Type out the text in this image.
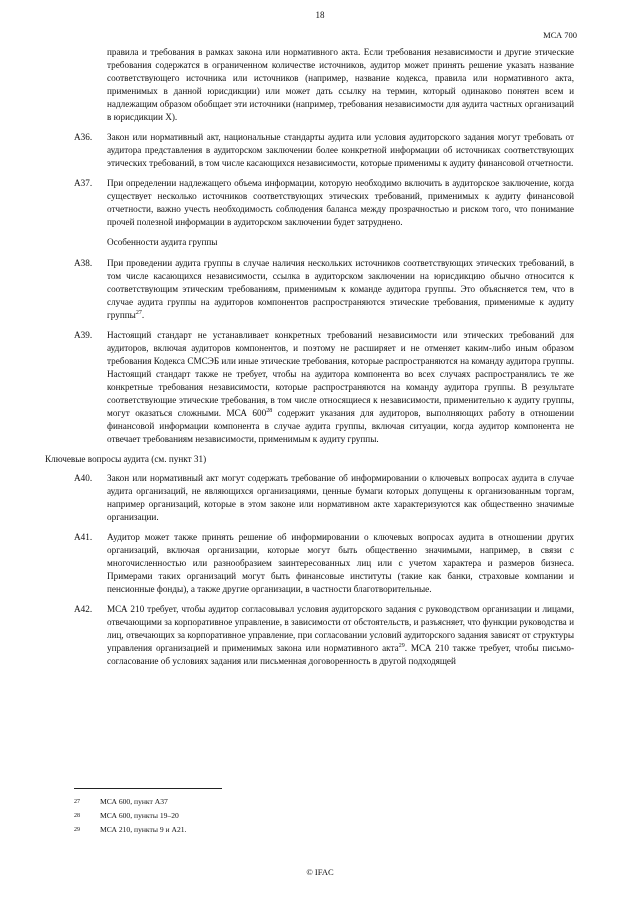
18
МСА 700
правила и требования в рамках закона или нормативного акта. Если требования независимости и другие этические требования содержатся в ограниченном количестве источников, аудитор может принять решение указать название соответствующего источника или источников (например, название кодекса, правила или нормативного акта, применимых в данной юрисдикции) или может дать ссылку на термин, который одинаково понятен всем и надлежащим образом обобщает эти источники (например, требования независимости для аудита частных организаций в юрисдикции Х).
A36.	Закон или нормативный акт, национальные стандарты аудита или условия аудиторского задания могут требовать от аудитора представления в аудиторском заключении более конкретной информации об источниках соответствующих этических требований, в том числе касающихся независимости, которые применимы к аудиту финансовой отчетности.
A37.	При определении надлежащего объема информации, которую необходимо включить в аудиторское заключение, когда существует несколько источников соответствующих этических требований, применимых к аудиту финансовой отчетности, важно учесть необходимость соблюдения баланса между прозрачностью и риском того, что понимание прочей полезной информации в аудиторском заключении будет затруднено.
Особенности аудита группы
A38.	При проведении аудита группы в случае наличия нескольких источников соответствующих этических требований, в том числе касающихся независимости, ссылка в аудиторском заключении на юрисдикцию обычно относится к соответствующим этическим требованиям, применимым к команде аудитора группы. Это объясняется тем, что в случае аудита группы на аудиторов компонентов распространяются этические требования, применимые к аудиту группы$^{27}$.
A39.	Настоящий стандарт не устанавливает конкретных требований независимости или этических требований для аудиторов, включая аудиторов компонентов, и поэтому не расширяет и не отменяет каким-либо иным образом требования Кодекса СМСЭБ или иные этические требования, которые распространяются на команду аудитора группы. Настоящий стандарт также не требует, чтобы на аудитора компонента во всех случаях распространялись те же конкретные требования независимости, которые распространяются на команду аудитора группы. В результате соответствующие этические требования, в том числе относящиеся к независимости, применительно к аудиту группы, могут оказаться сложными. МСА $600^{28}$ содержит указания для аудиторов, выполняющих работу в отношении финансовой информации компонента в случае аудита группы, включая ситуации, когда аудитор компонента не отвечает требованиям независимости, применимым к аудиту группы.
Ключевые вопросы аудита (см. пункт 31)
A40.	Закон или нормативный акт могут содержать требование об информировании о ключевых вопросах аудита в случае аудита организаций, не являющихся организациями, ценные бумаги которых допущены к организованным торгам, например организаций, которые в этом законе или нормативном акте характеризуются как общественно значимые организации.
A41.	Аудитор может также принять решение об информировании о ключевых вопросах аудита в отношении других организаций, включая организации, которые могут быть общественно значимыми, например, в связи с многочисленностью или разнообразием заинтересованных лиц или с учетом характера и размеров бизнеса. Примерами таких организаций могут быть финансовые институты (такие как банки, страховые компании и пенсионные фонды), а также другие организации, в частности благотворительные.
A42.	МСА 210 требует, чтобы аудитор согласовывал условия аудиторского задания с руководством организации и лицами, отвечающими за корпоративное управление, в зависимости от обстоятельств, и разъясняет, что функции руководства и лиц, отвечающих за корпоративное управление, при согласовании условий аудиторского задания зависят от структуры управления организацией и применимых закона или нормативного акта$^{29}$. МСА 210 также требует, чтобы письмо-согласование об условиях задания или письменная договоренность в другой подходящей
27	МСА 600, пункт А37
28	МСА 600, пункты 19–20
29	МСА 210, пункты 9 и А21.
© IFAC
